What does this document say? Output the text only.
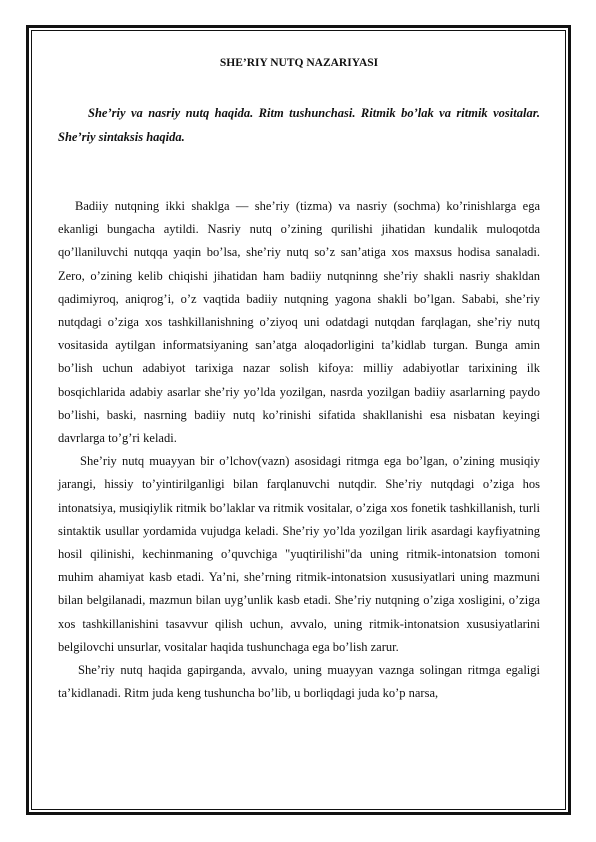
SHE’RIY NUTQ NAZARIYASI

She’riy va nasriy nutq haqida. Ritm tushunchasi. Ritmik bo’lak va ritmik vositalar. She’riy sintaksis haqida.

Badiiy nutqning ikki shaklga — she’riy (tizma) va nasriy (sochma) ko’rinishlarga ega ekanligi bungacha aytildi. Nasriy nutq o’zining qurilishi jihatidan kundalik muloqotda qo’llaniluvchi nutqqa yaqin bo’lsa, she’riy nutq so’z san’atiga xos maxsus hodisa sanaladi. Zero, o’zining kelib chiqishi jihatidan ham badiiy nutqninng she’riy shakli nasriy shakldan qadimiyroq, aniqrog’i, o’z vaqtida badiiy nutqning yagona shakli bo’lgan. Sababi, she’riy nutqdagi o’ziga xos tashkillanishning o’ziyoq uni odatdagi nutqdan farqlagan, she’riy nutq vositasida aytilgan informatsiyaning san’atga aloqadorligini ta’kidlab turgan. Bunga amin bo’lish uchun adabiyot tarixiga nazar solish kifoya: milliy adabiyotlar tarixining ilk bosqichlarida adabiy asarlar she’riy yo’lda yozilgan, nasrda yozilgan badiiy asarlarning paydo bo’lishi, baski, nasrning badiiy nutq ko’rinishi sifatida shakllanishi esa nisbatan keyingi davrlarga to’g’ri keladi.

She’riy nutq muayyan bir o’lchov(vazn) asosidagi ritmga ega bo’lgan, o’zining musiqiy jarangi, hissiy to’yintirilganligi bilan farqlanuvchi nutqdir. She’riy nutqdagi o’ziga hos intonatsiya, musiqiylik ritmik bo’laklar va ritmik vositalar, o’ziga xos fonetik tashkillanish, turli sintaktik usullar yordamida vujudga keladi. She’riy yo’lda yozilgan lirik asardagi kayfiyatning hosil qilinishi, kechinmaning o’quvchiga "yuqtirilishi"da uning ritmik-intonatsion tomoni muhim ahamiyat kasb etadi. Ya’ni, she’rning ritmik-intonatsion xususiyatlari uning mazmuni bilan belgilanadi, mazmun bilan uyg’unlik kasb etadi. She’riy nutqning o’ziga xosligini, o’ziga xos tashkillanishini tasavvur qilish uchun, avvalo, uning ritmik-intonatsion xususiyatlarini belgilovchi unsurlar, vositalar haqida tushunchaga ega bo’lish zarur.

She’riy nutq haqida gapirganda, avvalo, uning muayyan vaznga solingan ritmga egaligi ta’kidlanadi. Ritm juda keng tushuncha bo’lib, u borliqdagi juda ko’p narsa,
